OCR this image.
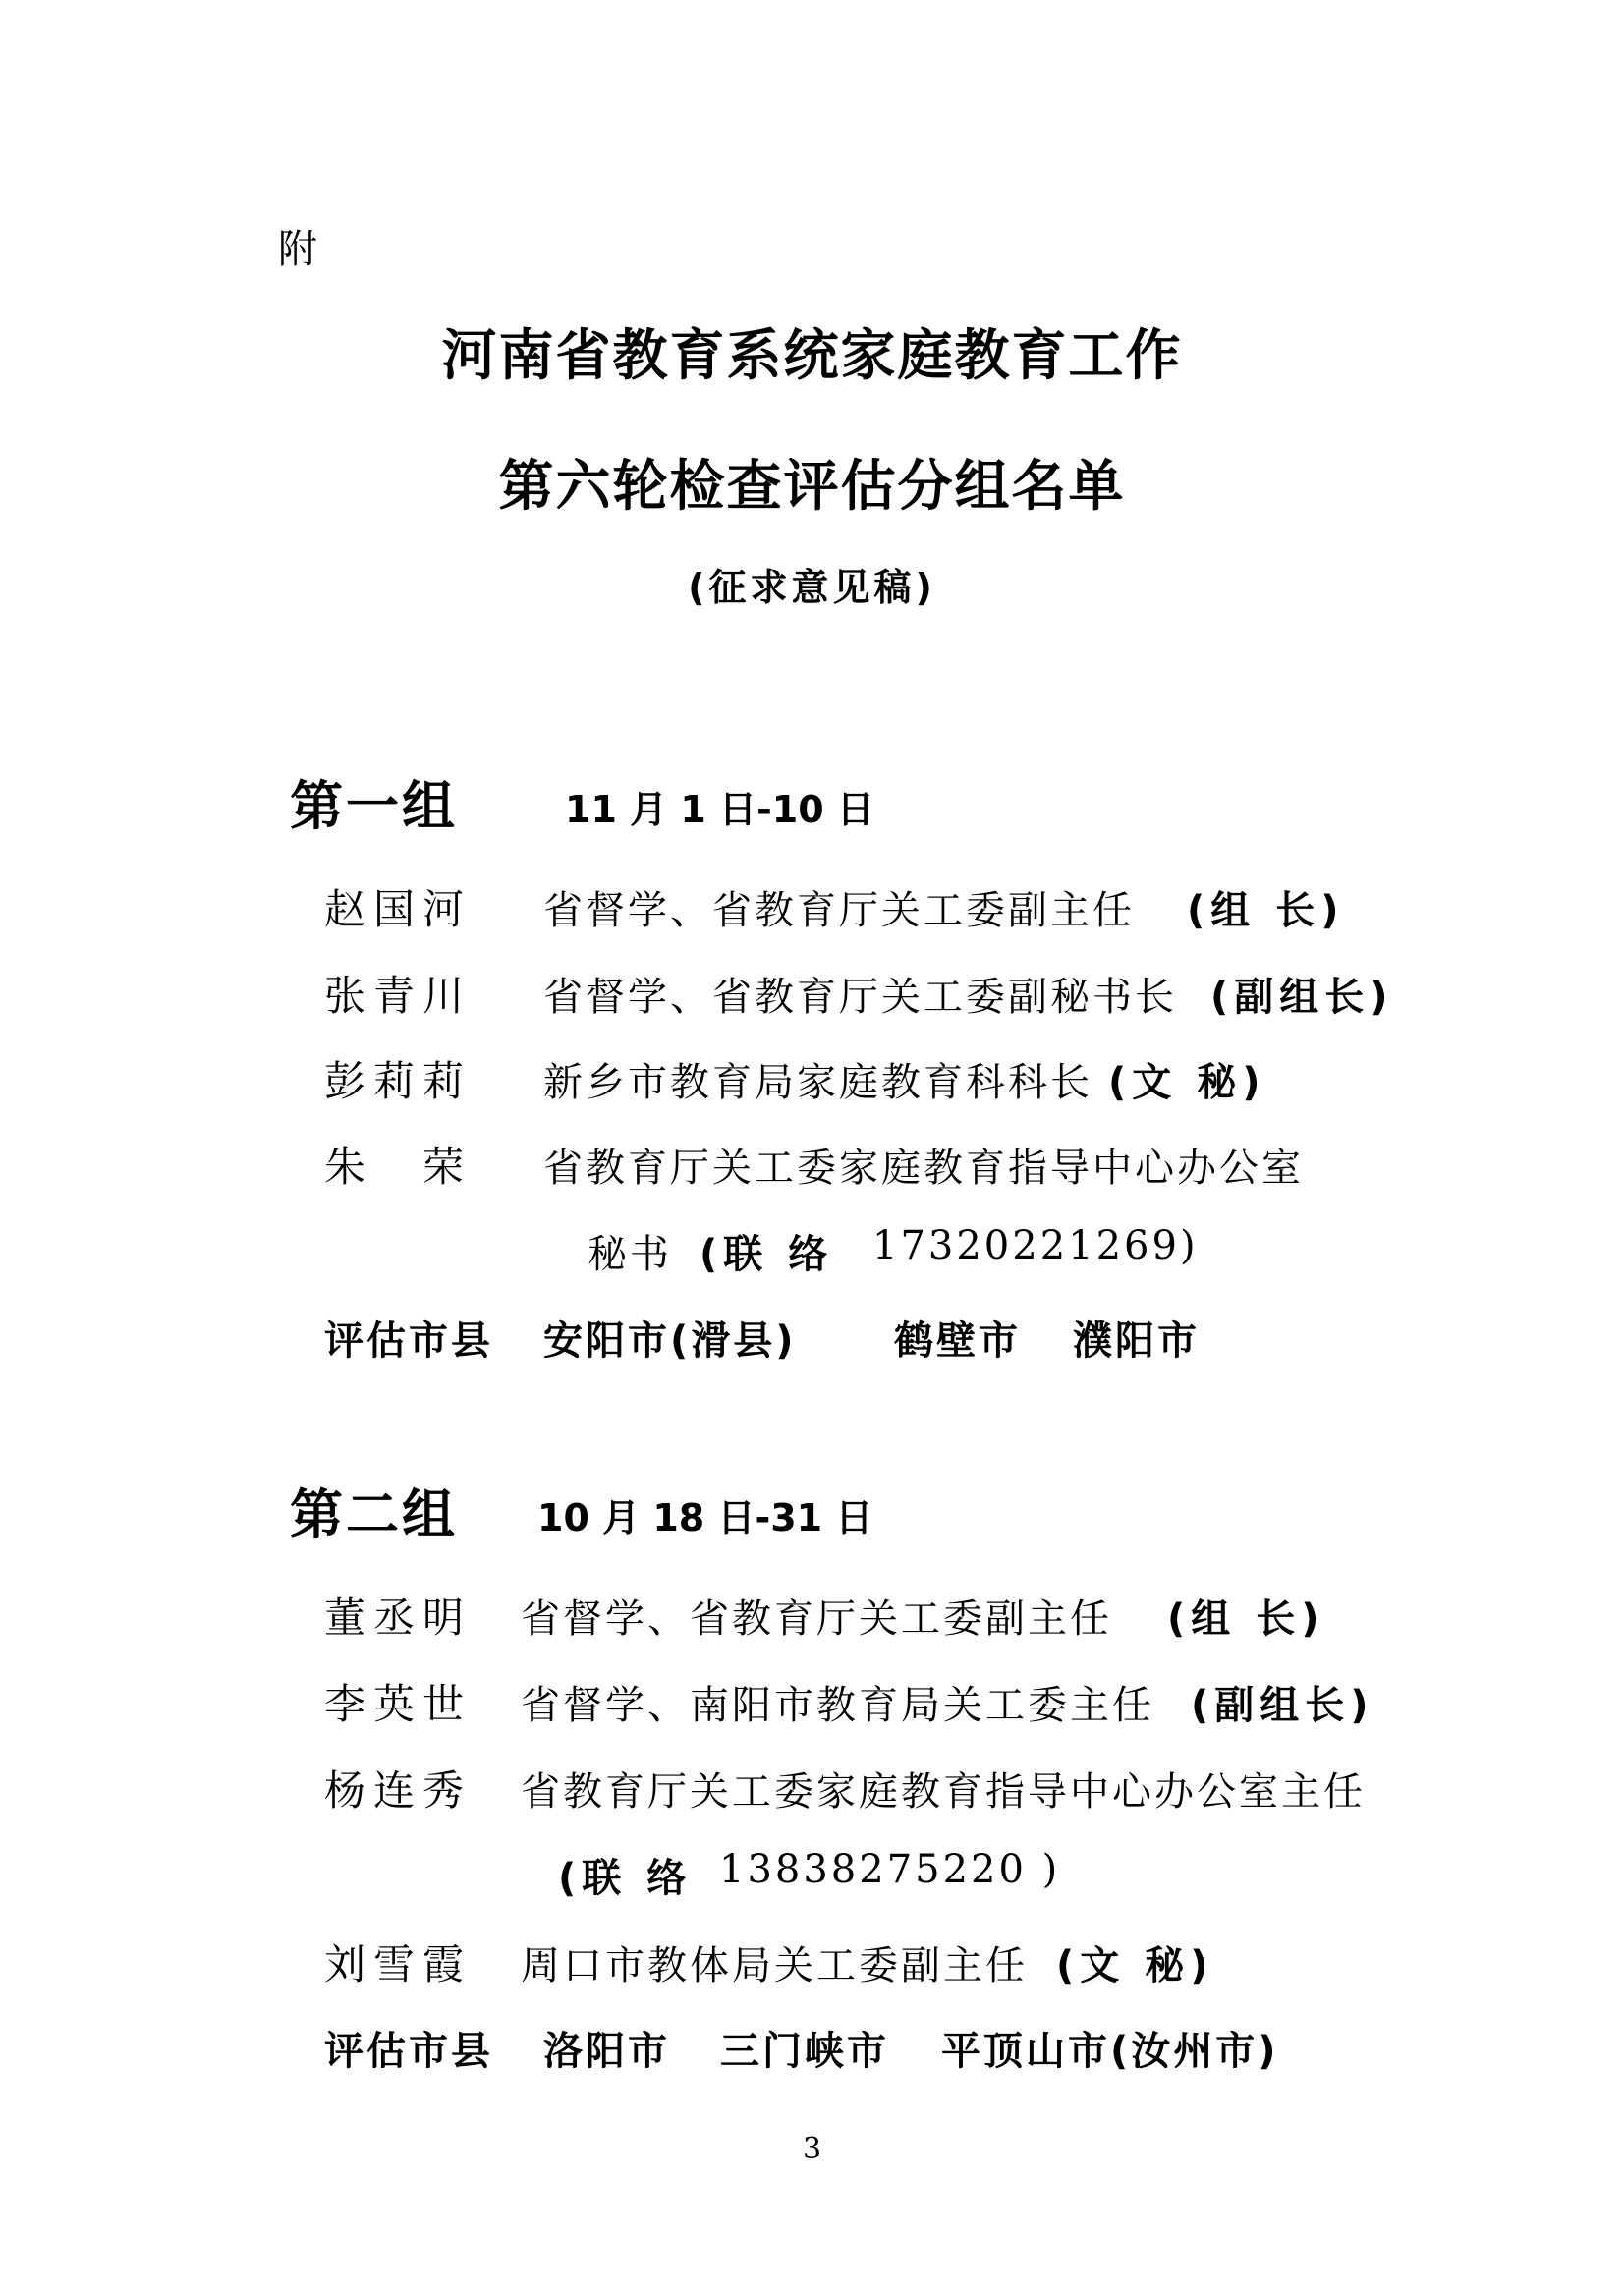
附
河南省教育系统家庭教育工作
第六轮检查评估分组名单
(征求意见稿)
第一组	11 月 1 日-10 日
赵国河 省督学、省教育厅关工委副主任 (组 长)
张青川 省督学、省教育厅关工委副秘书长 (副组长)
彭莉莉 新乡市教育局家庭教育科科长 (文 秘)
朱　荣 省教育厅关工委家庭教育指导中心办公室
秘书 (联 络 17320221269)
评估市县 安阳市(滑县) 鹤壁市 濮阳市
第二组 10 月 18 日-31 日
董丞明 省督学、省教育厅关工委副主任 (组 长)
李英世 省督学、南阳市教育局关工委主任 (副组长)
杨连秀 省教育厅关工委家庭教育指导中心办公室主任
(联 络 13838275220 )
刘雪霞 周口市教体局关工委副主任 (文 秘)
评估市县 洛阳市 三门峡市 平顶山市(汝州市)
3
